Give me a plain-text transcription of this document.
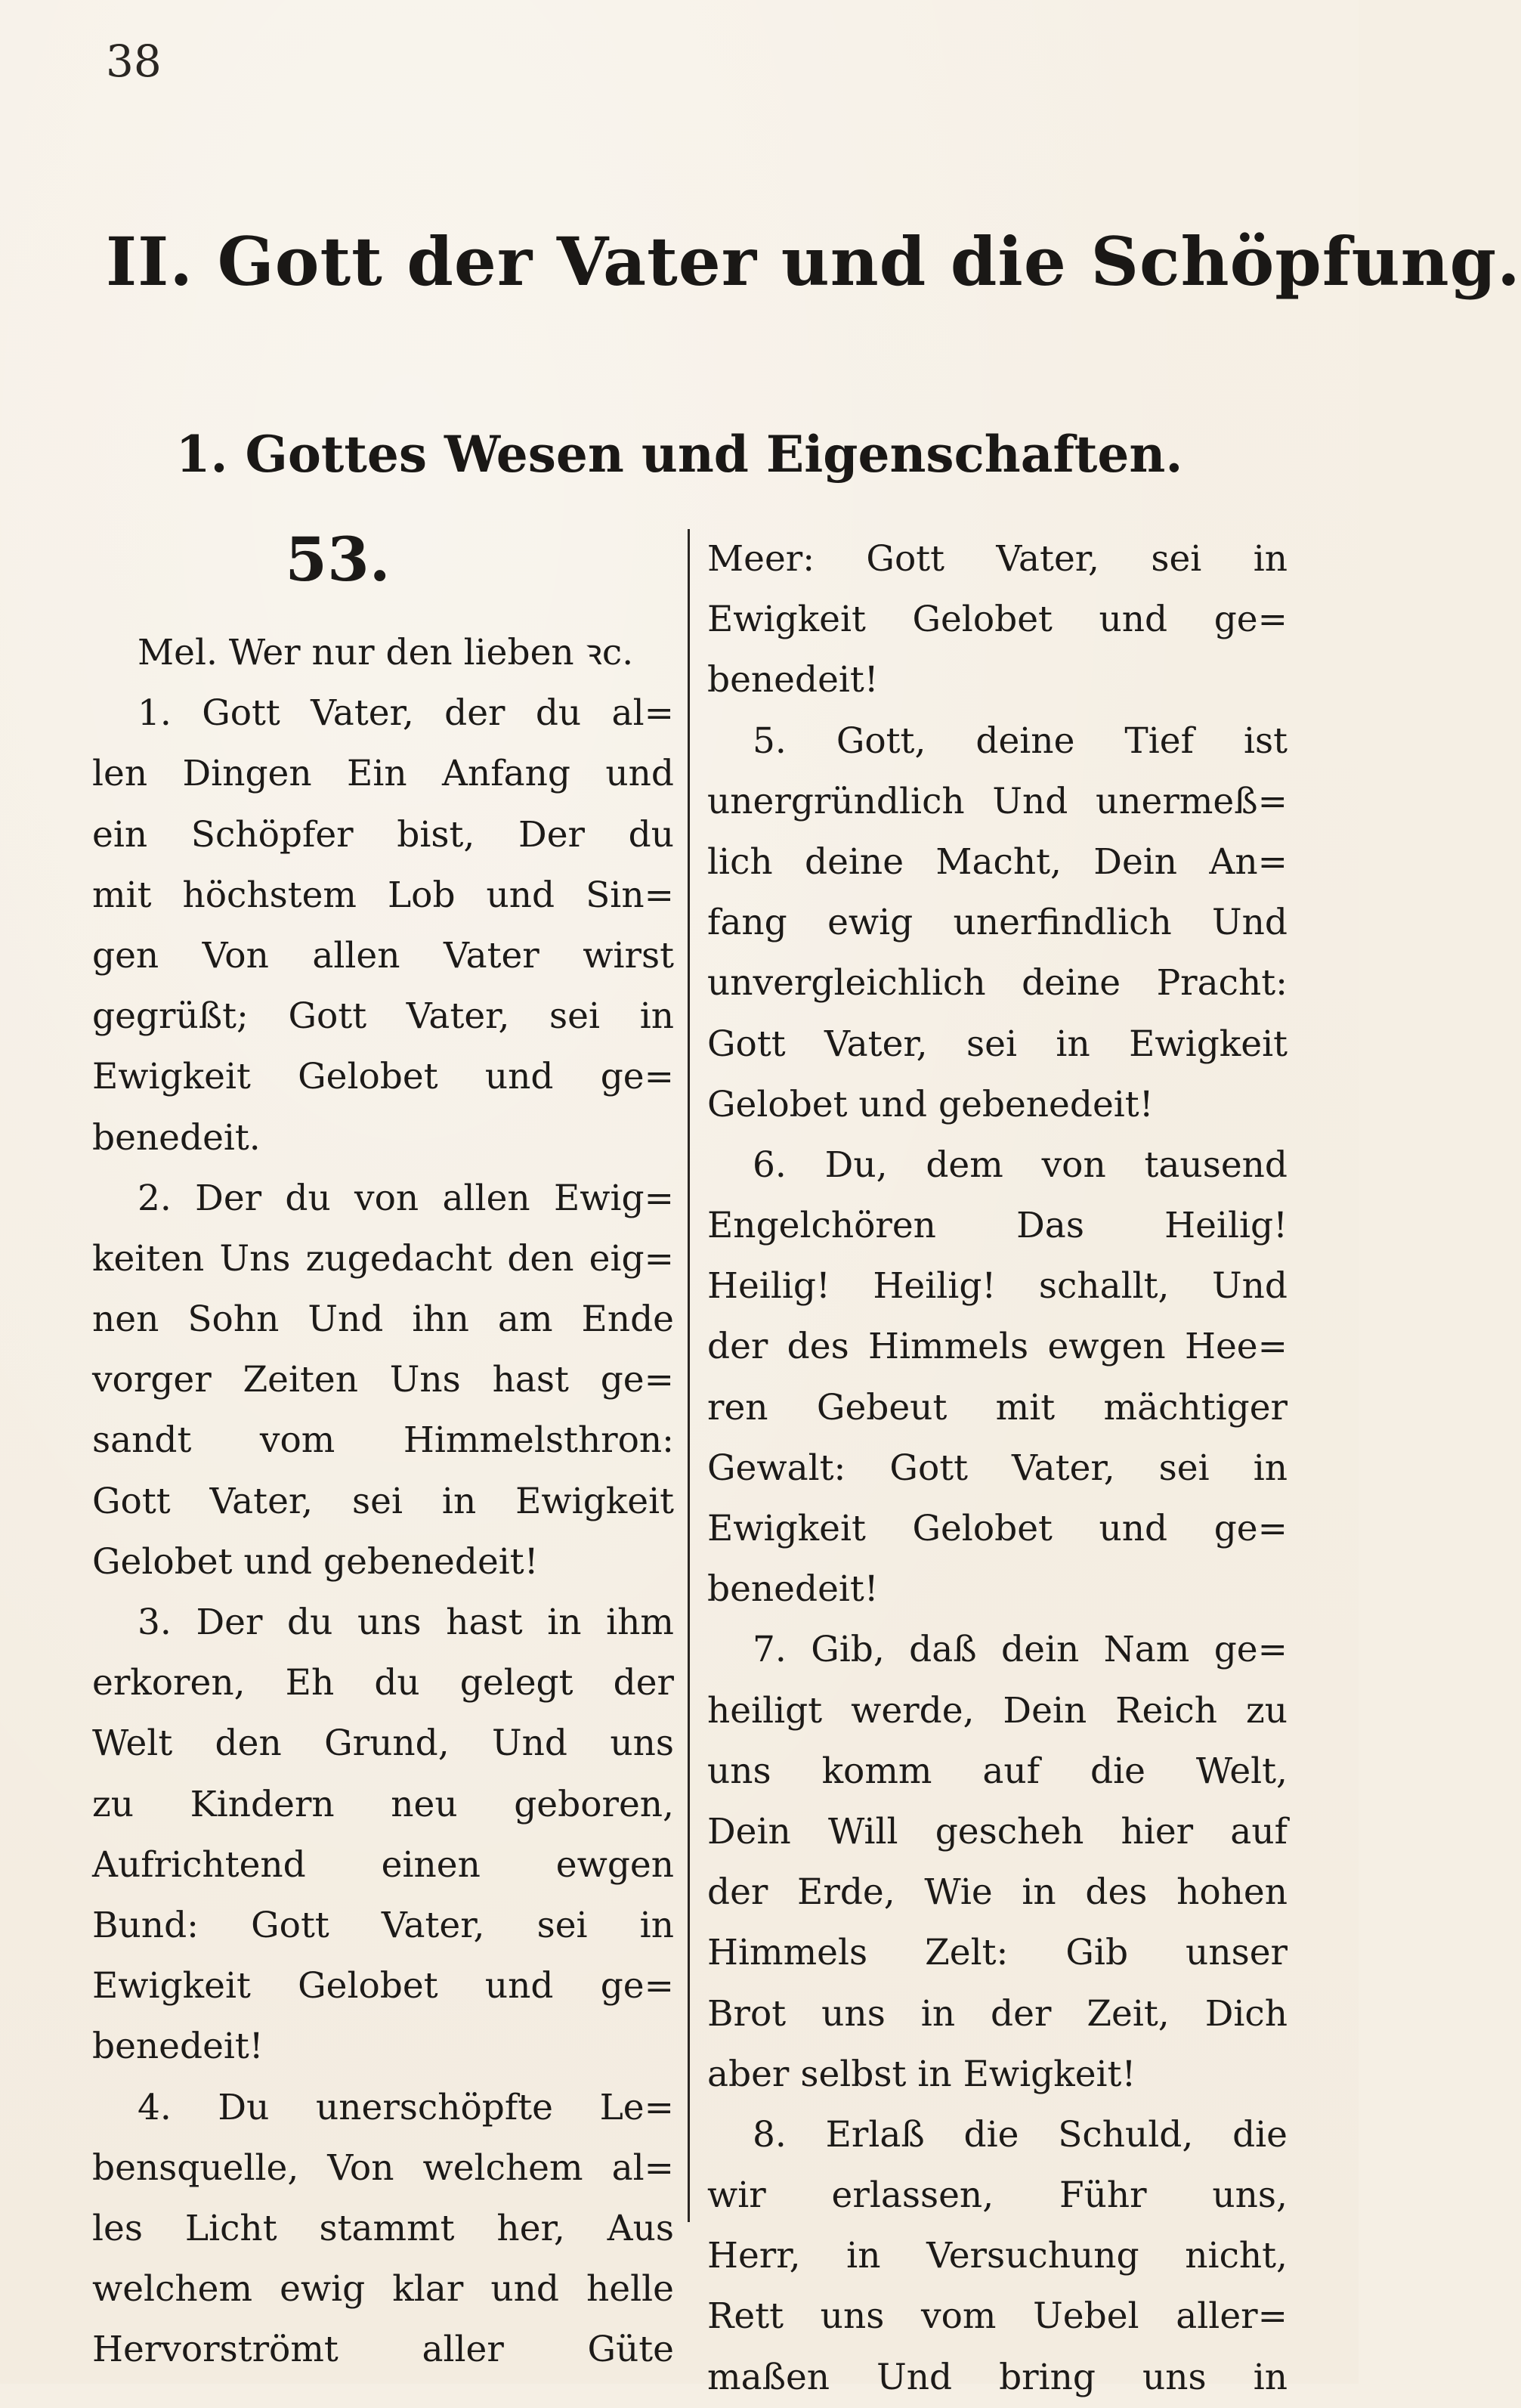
38
II. Gott der Vater und die Schöpfung.
1. Gottes Wesen und Eigenschaften.
53.
Mel. Wer nur den lieben ꝛc.
1. Gott Vater, der du al=
len Dingen Ein Anfang und
ein Schöpfer bist, Der du
mit höchstem Lob und Sin=
gen Von allen Vater wirst
gegrüßt; Gott Vater, sei in
Ewigkeit Gelobet und ge=
benedeit.
2. Der du von allen Ewig=
keiten Uns zugedacht den eig=
nen Sohn Und ihn am Ende
vorger Zeiten Uns hast ge=
sandt vom Himmelsthron:
Gott Vater, sei in Ewigkeit
Gelobet und gebenedeit!
3. Der du uns hast in ihm
erkoren, Eh du gelegt der
Welt den Grund, Und uns
zu Kindern neu geboren,
Aufrichtend einen ewgen
Bund: Gott Vater, sei in
Ewigkeit Gelobet und ge=
benedeit!
4. Du unerschöpfte Le=
bensquelle, Von welchem al=
les Licht stammt her, Aus
welchem ewig klar und helle
Hervorströmt aller Güte
Meer: Gott Vater, sei in
Ewigkeit Gelobet und ge=
benedeit!
5. Gott, deine Tief ist
unergründlich Und unermeß=
lich deine Macht, Dein An=
fang ewig unerfindlich Und
unvergleichlich deine Pracht:
Gott Vater, sei in Ewigkeit
Gelobet und gebenedeit!
6. Du, dem von tausend
Engelchören Das Heilig!
Heilig! Heilig! schallt, Und
der des Himmels ewgen Hee=
ren Gebeut mit mächtiger
Gewalt: Gott Vater, sei in
Ewigkeit Gelobet und ge=
benedeit!
7. Gib, daß dein Nam ge=
heiligt werde, Dein Reich zu
uns komm auf die Welt,
Dein Will gescheh hier auf
der Erde, Wie in des hohen
Himmels Zelt: Gib unser
Brot uns in der Zeit, Dich
aber selbst in Ewigkeit!
8. Erlaß die Schuld, die
wir erlassen, Führ uns,
Herr, in Versuchung nicht,
Rett uns vom Uebel aller=
maßen Und bring uns in
